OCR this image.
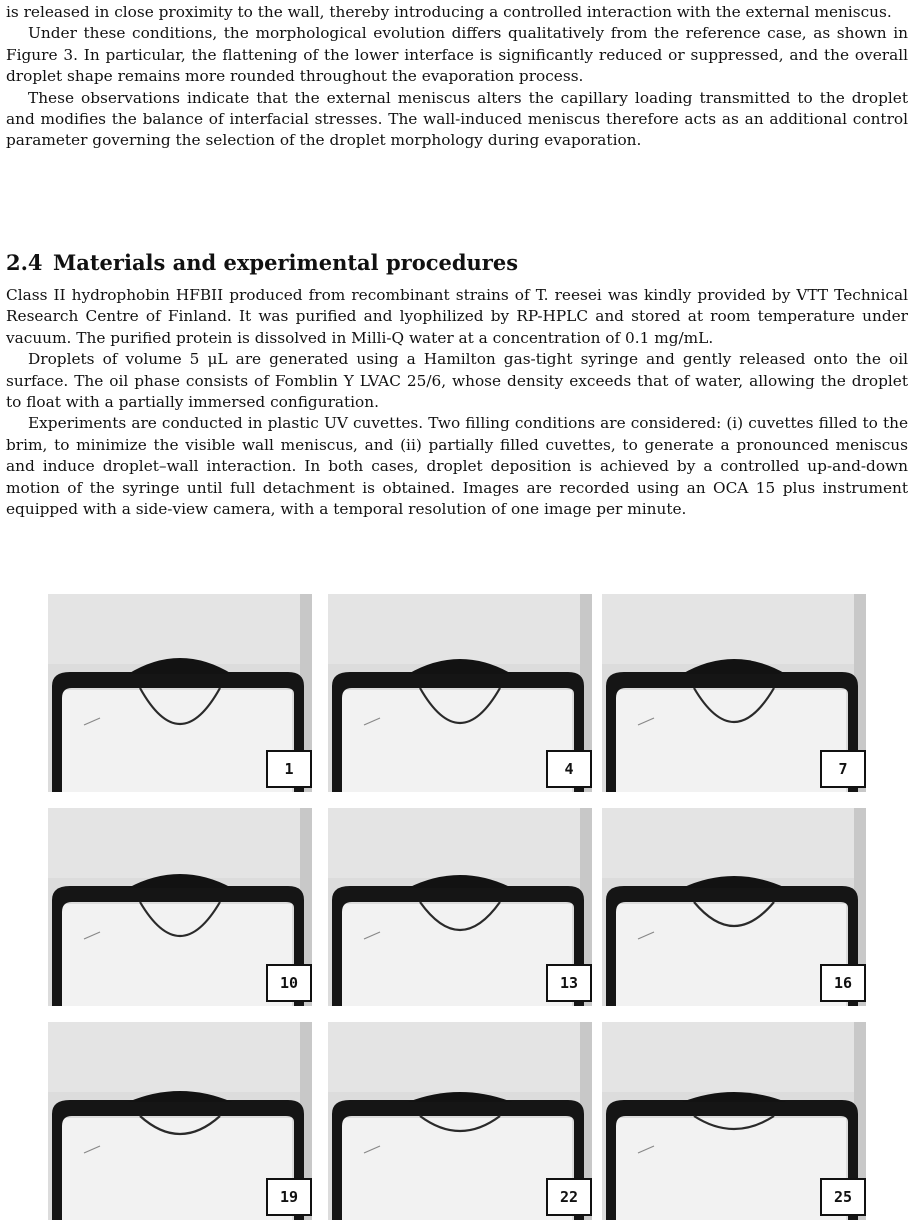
is released in close proximity to the wall, thereby introducing a controlled interaction with the external meniscus.

Under these conditions, the morphological evolution differs qualitatively from the reference case, as shown in Figure 3. In particular, the flattening of the lower interface is significantly reduced or suppressed, and the overall droplet shape remains more rounded throughout the evaporation process.

These observations indicate that the external meniscus alters the capillary loading transmitted to the droplet and modifies the balance of interfacial stresses. The wall-induced meniscus therefore acts as an additional control parameter governing the selection of the droplet morphology during evaporation.

2.4 Materials and experimental procedures

Class II hydrophobin HFBII produced from recombinant strains of T. reesei was kindly provided by VTT Technical Research Centre of Finland. It was purified and lyophilized by RP-HPLC and stored at room temperature under vacuum. The purified protein is dissolved in Milli-Q water at a concentration of 0.1 mg/mL.

Droplets of volume 5 μL are generated using a Hamilton gas-tight syringe and gently released onto the oil surface. The oil phase consists of Fomblin Y LVAC 25/6, whose density exceeds that of water, allowing the droplet to float with a partially immersed configuration.

Experiments are conducted in plastic UV cuvettes. Two filling conditions are considered: (i) cuvettes filled to the brim, to minimize the visible wall meniscus, and (ii) partially filled cuvettes, to generate a pronounced meniscus and induce droplet–wall interaction. In both cases, droplet deposition is achieved by a controlled up-and-down motion of the syringe until full detachment is obtained. Images are recorded using an OCA 15 plus instrument equipped with a side-view camera, with a temporal resolution of one image per minute.

1	4	7
10	13	16
19	22	25
